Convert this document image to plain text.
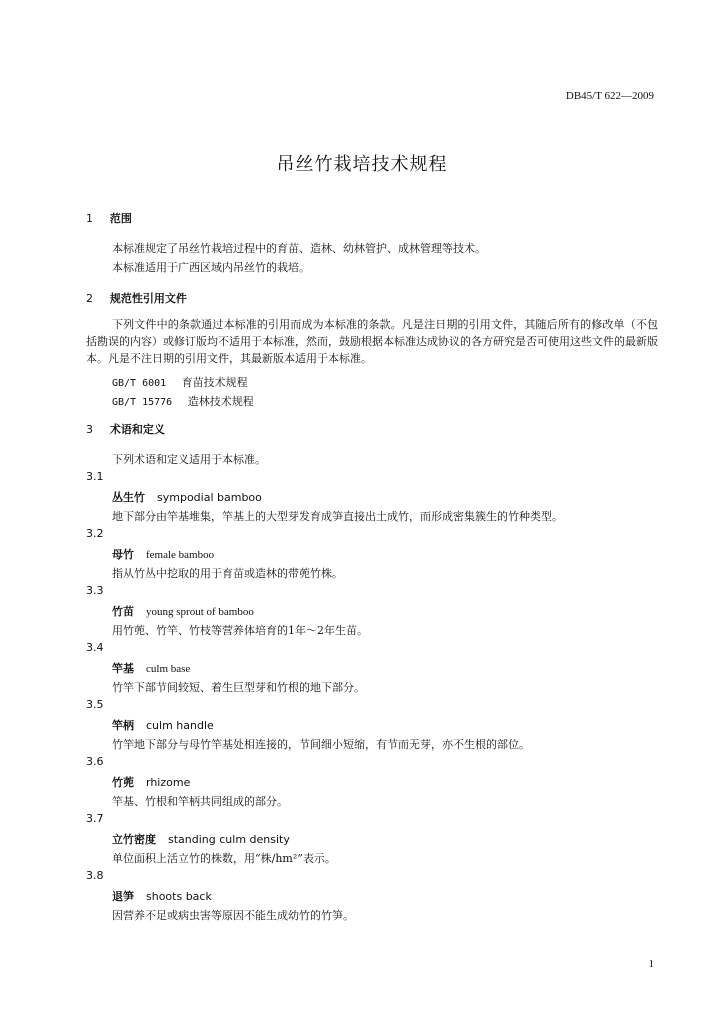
DB45/T 622—2009
吊丝竹栽培技术规程
1 范围
本标准规定了吊丝竹栽培过程中的育苗、造林、幼林管护、成林管理等技术。
本标准适用于广西区域内吊丝竹的栽培。
2 规范性引用文件
下列文件中的条款通过本标准的引用而成为本标准的条款。凡是注日期的引用文件，其随后所有的修改单（不包括勘误的内容）或修订版均不适用于本标准，然而，鼓励根据本标准达成协议的各方研究是否可使用这些文件的最新版本。凡是不注日期的引用文件，其最新版本适用于本标准。
GB/T 6001 育苗技术规程
GB/T 15776 造林技术规程
3 术语和定义
下列术语和定义适用于本标准。
3.1
丛生竹 sympodial bamboo
地下部分由竿基堆集，竿基上的大型芽发育成笋直接出土成竹，而形成密集簇生的竹种类型。
3.2
母竹 female bamboo
指从竹丛中挖取的用于育苗或造林的带蔸竹株。
3.3
竹苗 young sprout of bamboo
用竹蔸、竹竿、竹枝等营养体培育的1年～2年生苗。
3.4
竿基 culm base
竹竿下部节间较短、着生巨型芽和竹根的地下部分。
3.5
竿柄 culm handle
竹竿地下部分与母竹竿基处相连接的，节间细小短缩，有节而无芽，亦不生根的部位。
3.6
竹蔸 rhizome
竿基、竹根和竿柄共同组成的部分。
3.7
立竹密度 standing culm density
单位面积上活立竹的株数，用“株/hm²”表示。
3.8
退笋 shoots back
因营养不足或病虫害等原因不能生成幼竹的竹笋。
1
